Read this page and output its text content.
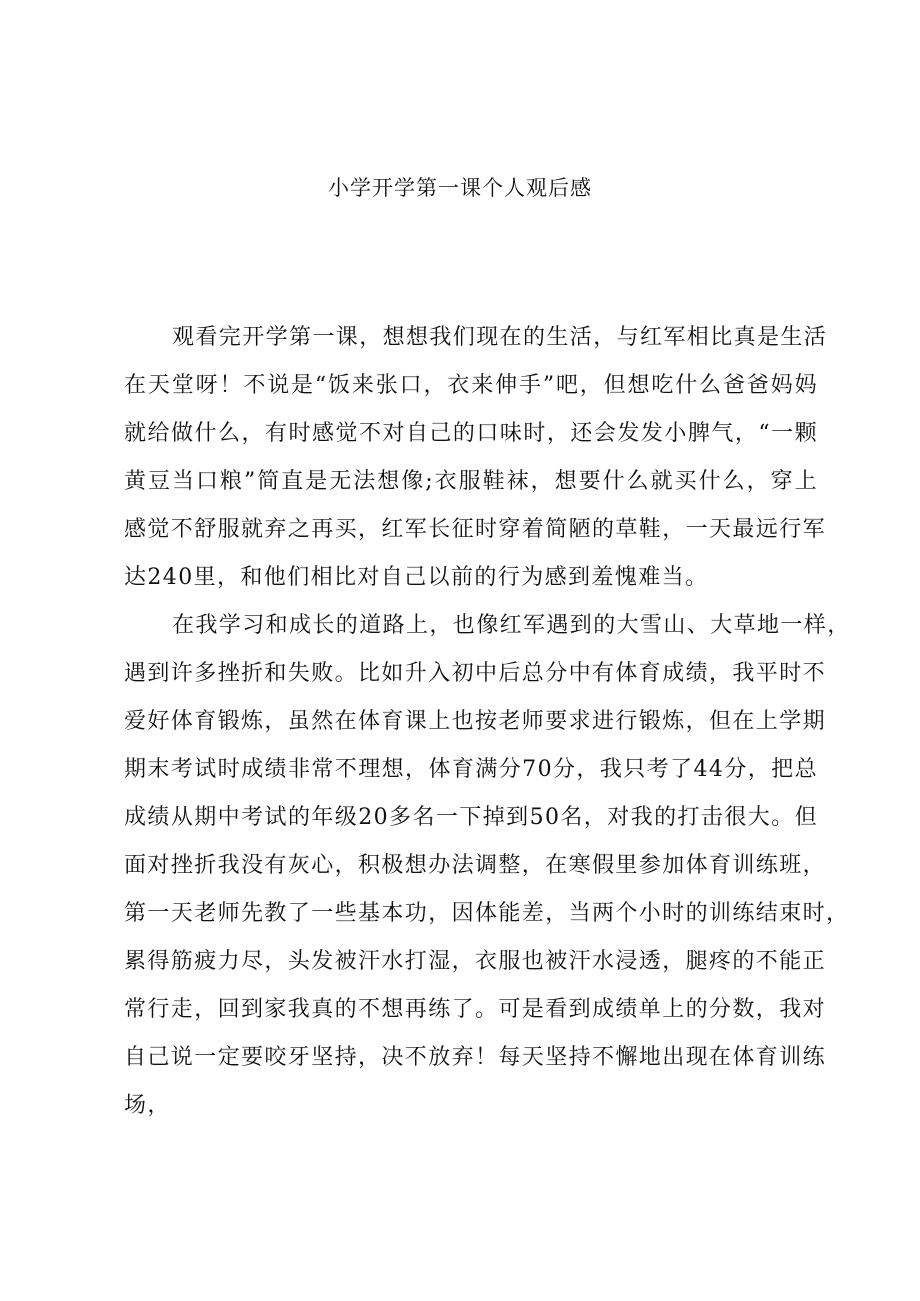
小学开学第一课个人观后感
观看完开学第一课，想想我们现在的生活，与红军相比真是生活
在天堂呀！不说是“饭来张口，衣来伸手”吧，但想吃什么爸爸妈妈
就给做什么，有时感觉不对自己的口味时，还会发发小脾气，“一颗
黄豆当口粮”简直是无法想像;衣服鞋袜，想要什么就买什么，穿上
感觉不舒服就弃之再买，红军长征时穿着简陋的草鞋，一天最远行军
达240里，和他们相比对自己以前的行为感到羞愧难当。
在我学习和成长的道路上，也像红军遇到的大雪山、大草地一样，
遇到许多挫折和失败。比如升入初中后总分中有体育成绩，我平时不
爱好体育锻炼，虽然在体育课上也按老师要求进行锻炼，但在上学期
期末考试时成绩非常不理想，体育满分70分，我只考了44分，把总
成绩从期中考试的年级20多名一下掉到50名，对我的打击很大。但
面对挫折我没有灰心，积极想办法调整，在寒假里参加体育训练班，
第一天老师先教了一些基本功，因体能差，当两个小时的训练结束时，
累得筋疲力尽，头发被汗水打湿，衣服也被汗水浸透，腿疼的不能正
常行走，回到家我真的不想再练了。可是看到成绩单上的分数，我对
自己说一定要咬牙坚持，决不放弃！每天坚持不懈地出现在体育训练
场，
